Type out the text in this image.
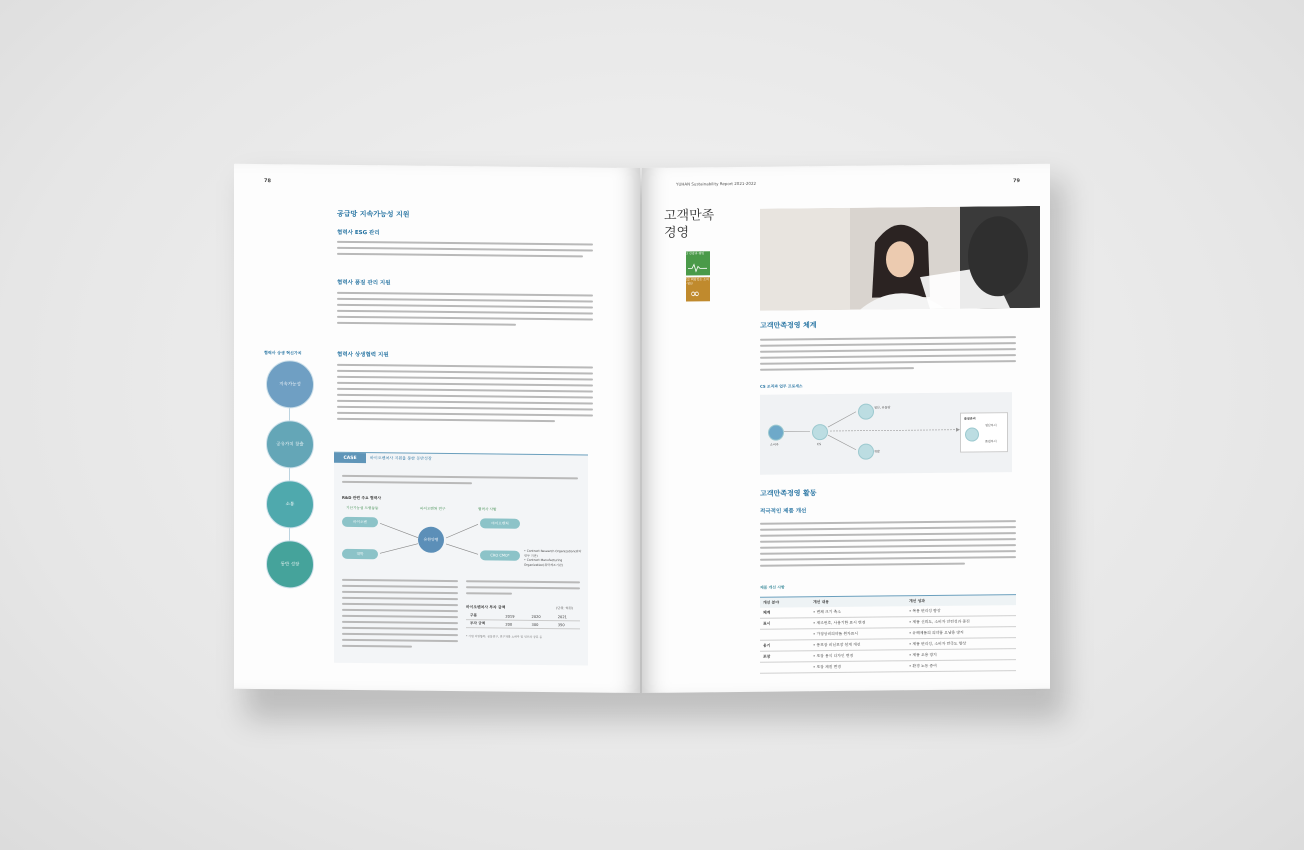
78
공급망 지속가능성 지원
협력사 ESG 관리
협력사 품질 관리 지원
협력사 상생협력 지원
협력사 상생 혁신가치
지속가능성
공유가치 창출
소통
동반 성장
CASE	바이오벤처사 지원을 통한 동반성장
R&D 관련 주요 협력사
기산기능성 드림등등	바이오벤처 연구	협력사 사항
바이오벤
대학
유한양행
바이오벤처
CRO CMO*
• Contract Research Organization(위탁연구 기관)
• Contract Manufacturing Organization(위탁제조기관)
바이오벤처사 투자 금액	(단위: 억원)
구분	2019	2020	2021
투자 금액	200	300	350
* 기업 지원항목: 공동연구, 연구개발 노하우 및 인프라 공유 등
YUHAN Sustainability Report 2021-2022	79
고객만족
경영
3 건강과 웰빙
12 책임있는 소비·생산
∞
고객만족경영 체계
CS 조직과 업무 프로세스
소비자	CS
생산, 유통망
개발
품질관리
생산부서
품질부서
고객만족경영 활동
적극적인 제품 개선
제품 개선 사항
개선 분야	개선 내용	개선 성과
체계	• 변체 크기 축소	• 복용 편리성 향상
표시	• 제조번호, 사용기한 표시 변경	• 제품 신뢰도, 소비자 안전성과 증진
	• 가정상비의약품 원자표시	• 유해제품의 의약품 오남용 방지
용기	• 용포장 비닐포장 설계 개선	• 제품 편리성, 소비자 만족도 향상
포장	• 포장 용식 디자인 변경	• 제품 오용 방지
	• 포장 재질 변경	• 환경 노동 증여
